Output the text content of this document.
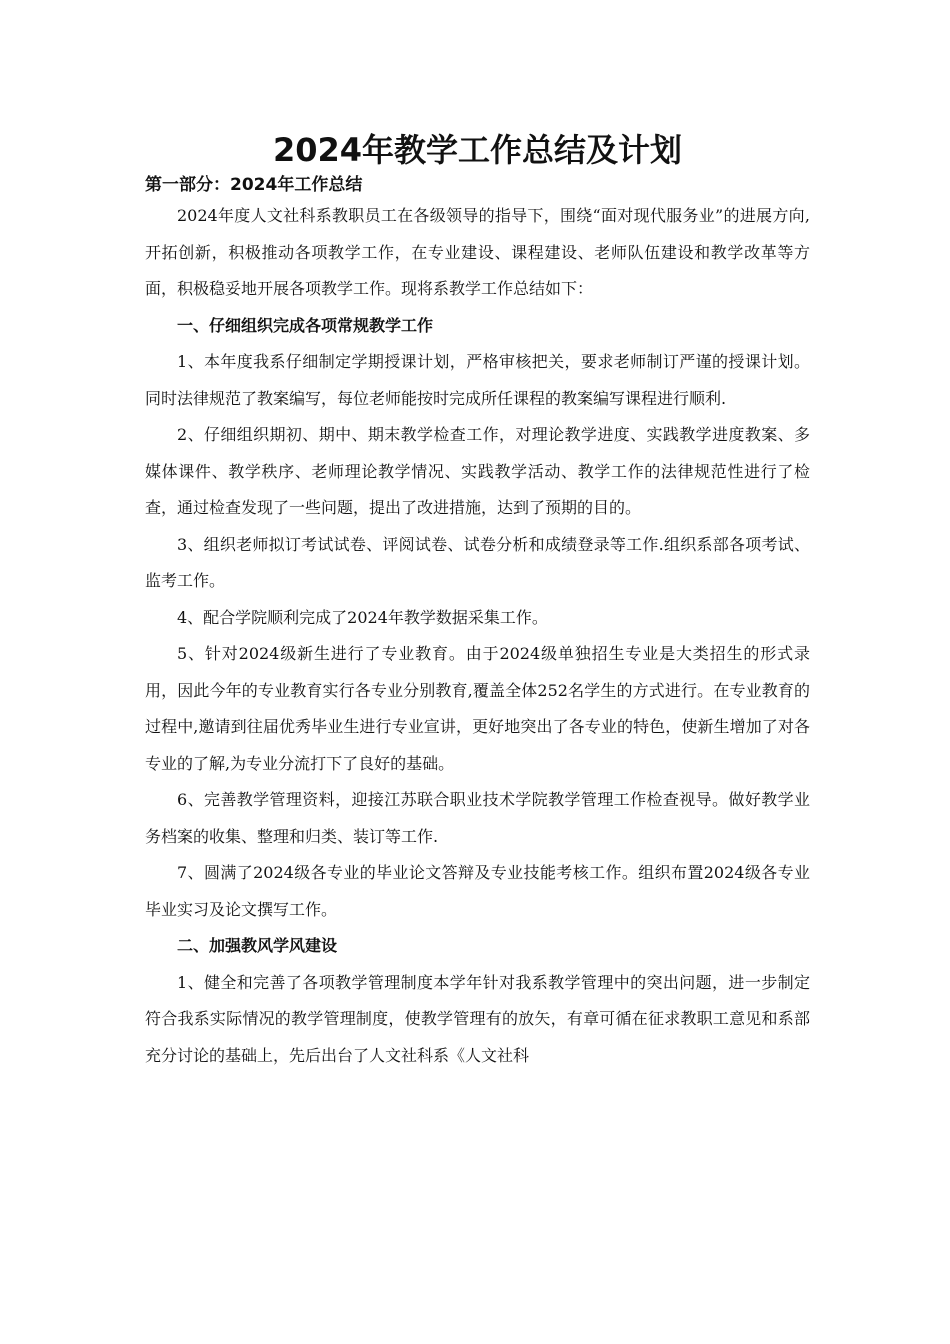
2024年教学工作总结及计划

第一部分：2024年工作总结

2024年度人文社科系教职员工在各级领导的指导下，围绕“面对现代服务业”的进展方向,开拓创新，积极推动各项教学工作，在专业建设、课程建设、老师队伍建设和教学改革等方面，积极稳妥地开展各项教学工作。现将系教学工作总结如下：

一、仔细组织完成各项常规教学工作

1、本年度我系仔细制定学期授课计划，严格审核把关，要求老师制订严谨的授课计划。同时法律规范了教案编写，每位老师能按时完成所任课程的教案编写课程进行顺利.

2、仔细组织期初、期中、期末教学检查工作，对理论教学进度、实践教学进度教案、多媒体课件、教学秩序、老师理论教学情况、实践教学活动、教学工作的法律规范性进行了检查，通过检查发现了一些问题，提出了改进措施，达到了预期的目的。

3、组织老师拟订考试试卷、评阅试卷、试卷分析和成绩登录等工作.组织系部各项考试、监考工作。

4、配合学院顺利完成了2024年教学数据采集工作。

5、针对2024级新生进行了专业教育。由于2024级单独招生专业是大类招生的形式录用，因此今年的专业教育实行各专业分别教育,覆盖全体252名学生的方式进行。在专业教育的过程中,邀请到往届优秀毕业生进行专业宣讲，更好地突出了各专业的特色，使新生增加了对各专业的了解,为专业分流打下了良好的基础。

6、完善教学管理资料，迎接江苏联合职业技术学院教学管理工作检查视导。做好教学业务档案的收集、整理和归类、装订等工作.

7、圆满了2024级各专业的毕业论文答辩及专业技能考核工作。组织布置2024级各专业毕业实习及论文撰写工作。

二、加强教风学风建设

1、健全和完善了各项教学管理制度本学年针对我系教学管理中的突出问题，进一步制定符合我系实际情况的教学管理制度，使教学管理有的放矢，有章可循在征求教职工意见和系部充分讨论的基础上，先后出台了人文社科系《人文社科
